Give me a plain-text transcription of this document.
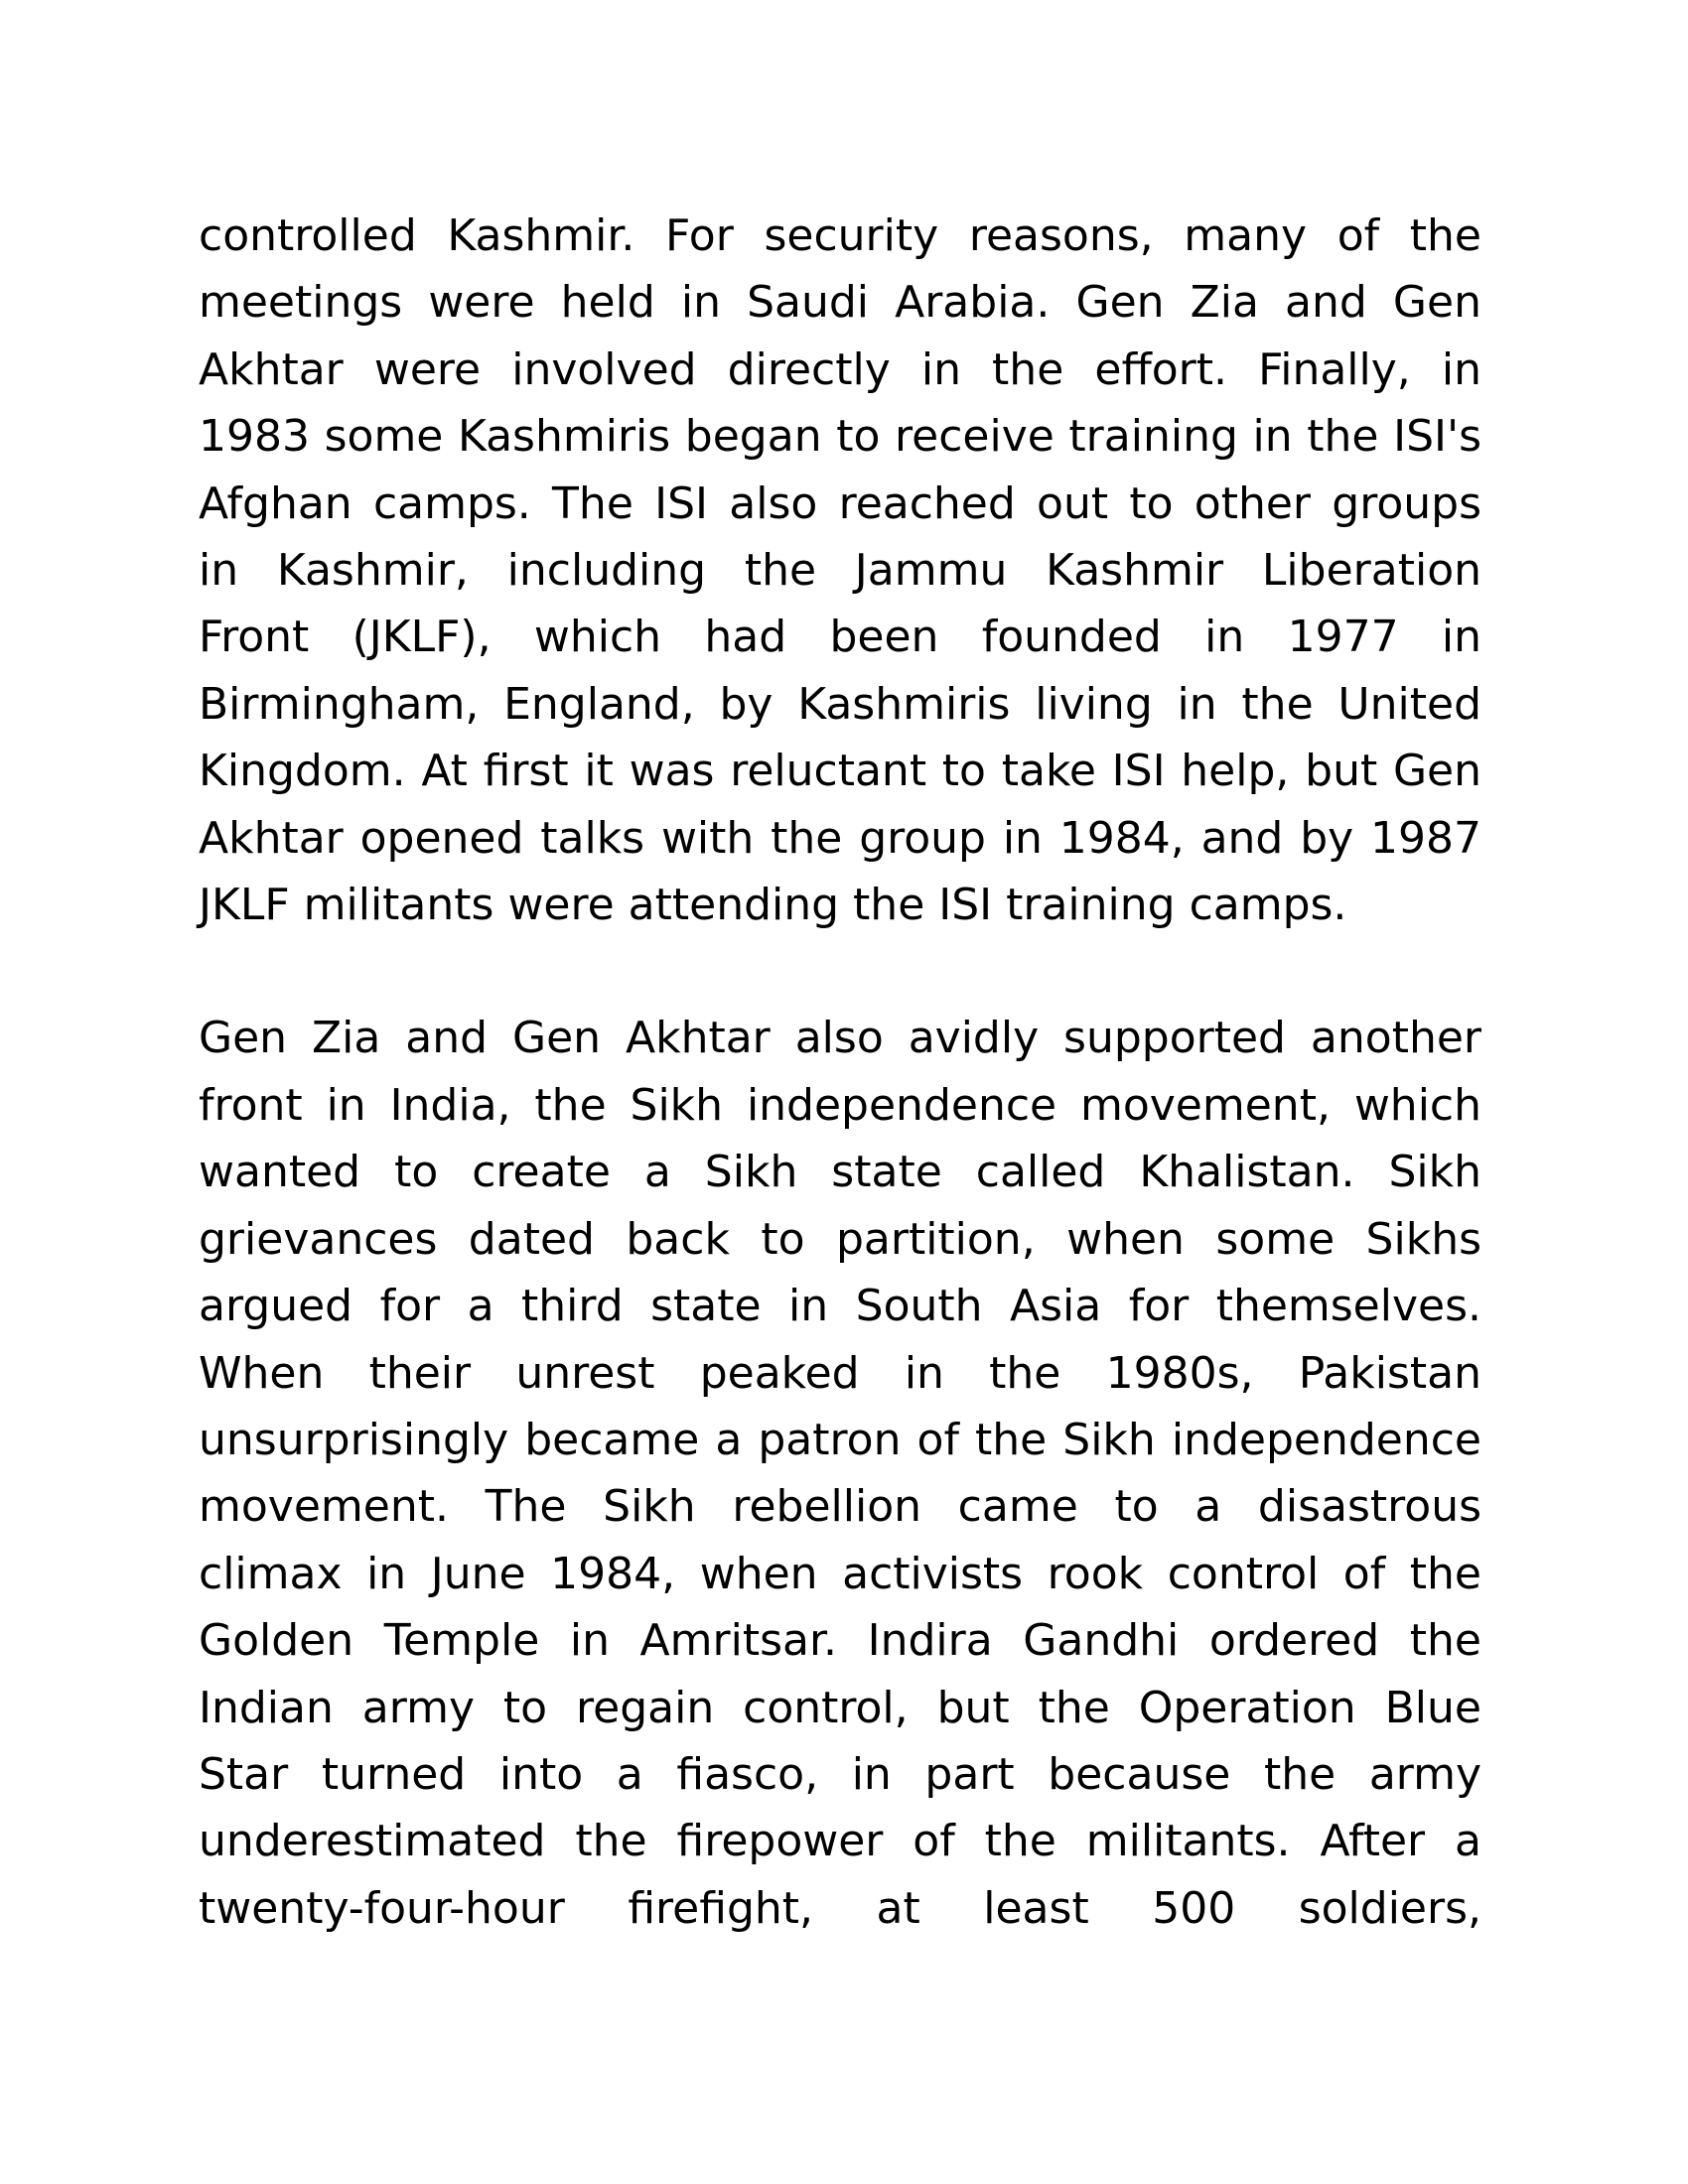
controlled Kashmir. For security reasons, many of the
meetings were held in Saudi Arabia. Gen Zia and Gen
Akhtar were involved directly in the effort. Finally, in
1983 some Kashmiris began to receive training in the ISI's
Afghan camps. The ISI also reached out to other groups
in Kashmir, including the Jammu Kashmir Liberation
Front (JKLF), which had been founded in 1977 in
Birmingham, England, by Kashmiris living in the United
Kingdom. At first it was reluctant to take ISI help, but Gen
Akhtar opened talks with the group in 1984, and by 1987
JKLF militants were attending the ISI training camps.

Gen Zia and Gen Akhtar also avidly supported another
front in India, the Sikh independence movement, which
wanted to create a Sikh state called Khalistan. Sikh
grievances dated back to partition, when some Sikhs
argued for a third state in South Asia for themselves.
When their unrest peaked in the 1980s, Pakistan
unsurprisingly became a patron of the Sikh independence
movement. The Sikh rebellion came to a disastrous
climax in June 1984, when activists rook control of the
Golden Temple in Amritsar. Indira Gandhi ordered the
Indian army to regain control, but the Operation Blue
Star turned into a fiasco, in part because the army
underestimated the firepower of the militants. After a
twenty-four-hour firefight, at least 500 soldiers,
